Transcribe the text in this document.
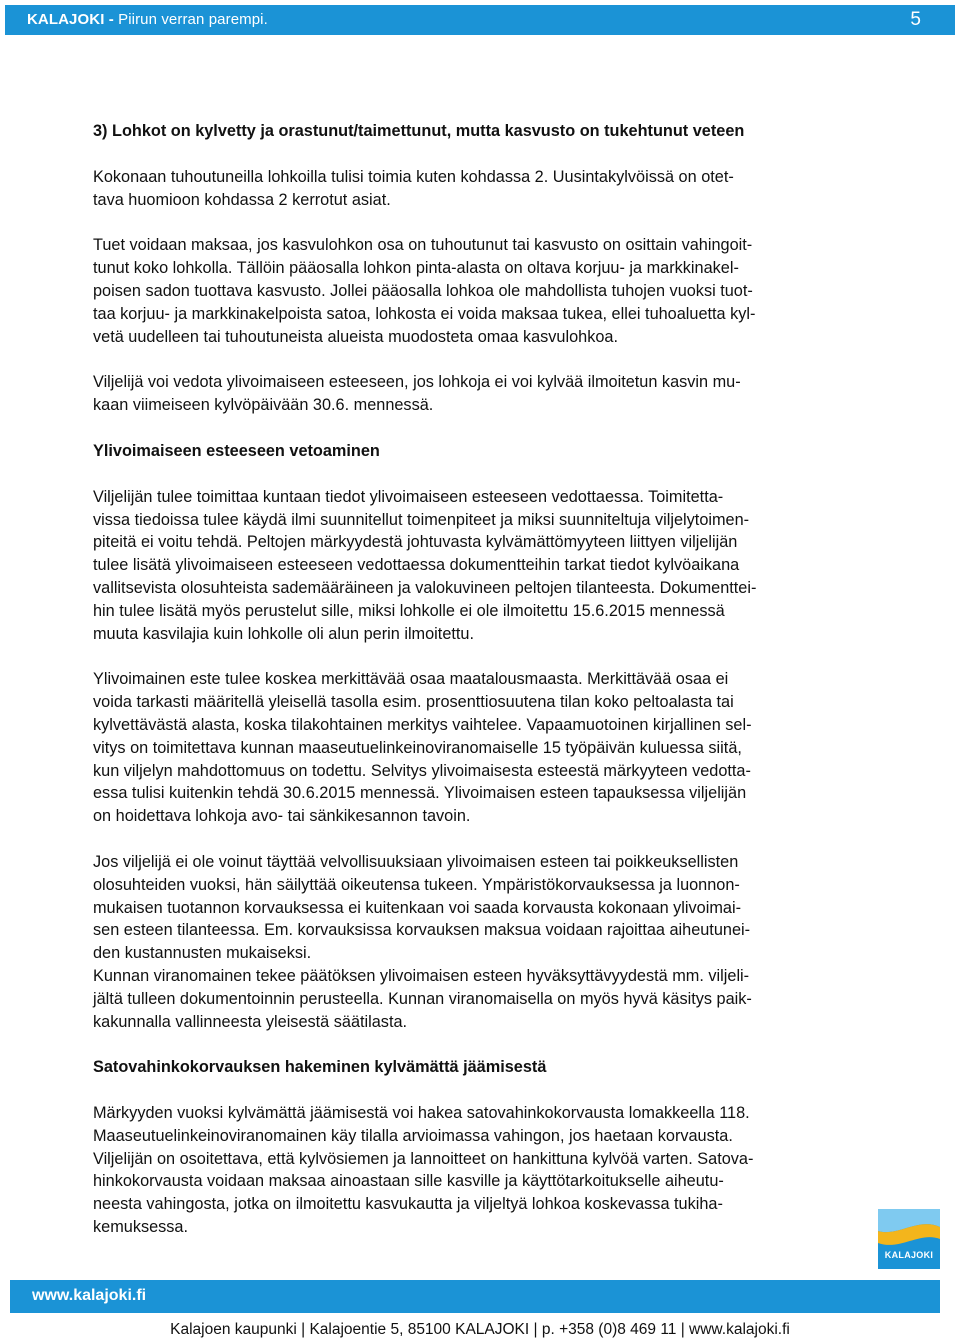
KALAJOKI - Piirun verran parempi.	5

3) Lohkot on kylvetty ja orastunut/taimettunut, mutta kasvusto on tukehtunut veteen

Kokonaan tuhoutuneilla lohkoilla tulisi toimia kuten kohdassa 2. Uusintakylvöissä on otet-

tava huomioon kohdassa 2 kerrotut asiat.

Tuet voidaan maksaa, jos kasvulohkon osa on tuhoutunut tai kasvusto on osittain vahingoit-

tunut koko lohkolla. Tällöin pääosalla lohkon pinta-alasta on oltava korjuu- ja markkinakel-

poisen sadon tuottava kasvusto. Jollei pääosalla lohkoa ole mahdollista tuhojen vuoksi tuot-

taa korjuu- ja markkinakelpoista satoa, lohkosta ei voida maksaa tukea, ellei tuhoaluetta kyl-

vetä uudelleen tai tuhoutuneista alueista muodosteta omaa kasvulohkoa.

Viljelijä voi vedota ylivoimaiseen esteeseen, jos lohkoja ei voi kylvää ilmoitetun kasvin mu-

kaan viimeiseen kylvöpäivään 30.6. mennessä.

Ylivoimaiseen esteeseen vetoaminen

Viljelijän tulee toimittaa kuntaan tiedot ylivoimaiseen esteeseen vedottaessa. Toimitetta-

vissa tiedoissa tulee käydä ilmi suunnitellut toimenpiteet ja miksi suunniteltuja viljelytoimen-

piteitä ei voitu tehdä. Peltojen märkyydestä johtuvasta kylvämättömyyteen liittyen viljelijän

tulee lisätä ylivoimaiseen esteeseen vedottaessa dokumentteihin tarkat tiedot kylvöaikana

vallitsevista olosuhteista sademääräineen ja valokuvineen peltojen tilanteesta. Dokumenttei-

hin tulee lisätä myös perustelut sille, miksi lohkolle ei ole ilmoitettu 15.6.2015 mennessä

muuta kasvilajia kuin lohkolle oli alun perin ilmoitettu.

Ylivoimainen este tulee koskea merkittävää osaa maatalousmaasta. Merkittävää osaa ei

voida tarkasti määritellä yleisellä tasolla esim. prosenttiosuutena tilan koko peltoalasta tai

kylvettävästä alasta, koska tilakohtainen merkitys vaihtelee. Vapaamuotoinen kirjallinen sel-

vitys on toimitettava kunnan maaseutuelinkeinoviranomaiselle 15 työpäivän kuluessa siitä,

kun viljelyn mahdottomuus on todettu. Selvitys ylivoimaisesta esteestä märkyyteen vedotta-

essa tulisi kuitenkin tehdä 30.6.2015 mennessä. Ylivoimaisen esteen tapauksessa viljelijän

on hoidettava lohkoja avo- tai sänkikesannon tavoin.

Jos viljelijä ei ole voinut täyttää velvollisuuksiaan ylivoimaisen esteen tai poikkeuksellisten

olosuhteiden vuoksi, hän säilyttää oikeutensa tukeen. Ympäristökorvauksessa ja luonnon-

mukaisen tuotannon korvauksessa ei kuitenkaan voi saada korvausta kokonaan ylivoimai-

sen esteen tilanteessa. Em. korvauksissa korvauksen maksua voidaan rajoittaa aiheutunei-

den kustannusten mukaiseksi.

Kunnan viranomainen tekee päätöksen ylivoimaisen esteen hyväksyttävyydestä mm. viljeli-

jältä tulleen dokumentoinnin perusteella. Kunnan viranomaisella on myös hyvä käsitys paik-

kakunnalla vallinneesta yleisestä säätilasta.

Satovahinkokorvauksen hakeminen kylvämättä jäämisestä

Märkyyden vuoksi kylvämättä jäämisestä voi hakea satovahinkokorvausta lomakkeella 118.

Maaseutuelinkeinoviranomainen käy tilalla arvioimassa vahingon, jos haetaan korvausta.

Viljelijän on osoitettava, että kylvösiemen ja lannoitteet on hankittuna kylvöä varten. Satova-

hinkokorvausta voidaan maksaa ainoastaan sille kasville ja käyttötarkoitukselle aiheutu-

neesta vahingosta, jotka on ilmoitettu kasvukautta ja viljeltyä lohkoa koskevassa tukiha-

kemuksessa.

KALAJOKI
www.kalajoki.fi
Kalajoen kaupunki | Kalajoentie 5, 85100 KALAJOKI | p. +358 (0)8 469 11 | www.kalajoki.fi
